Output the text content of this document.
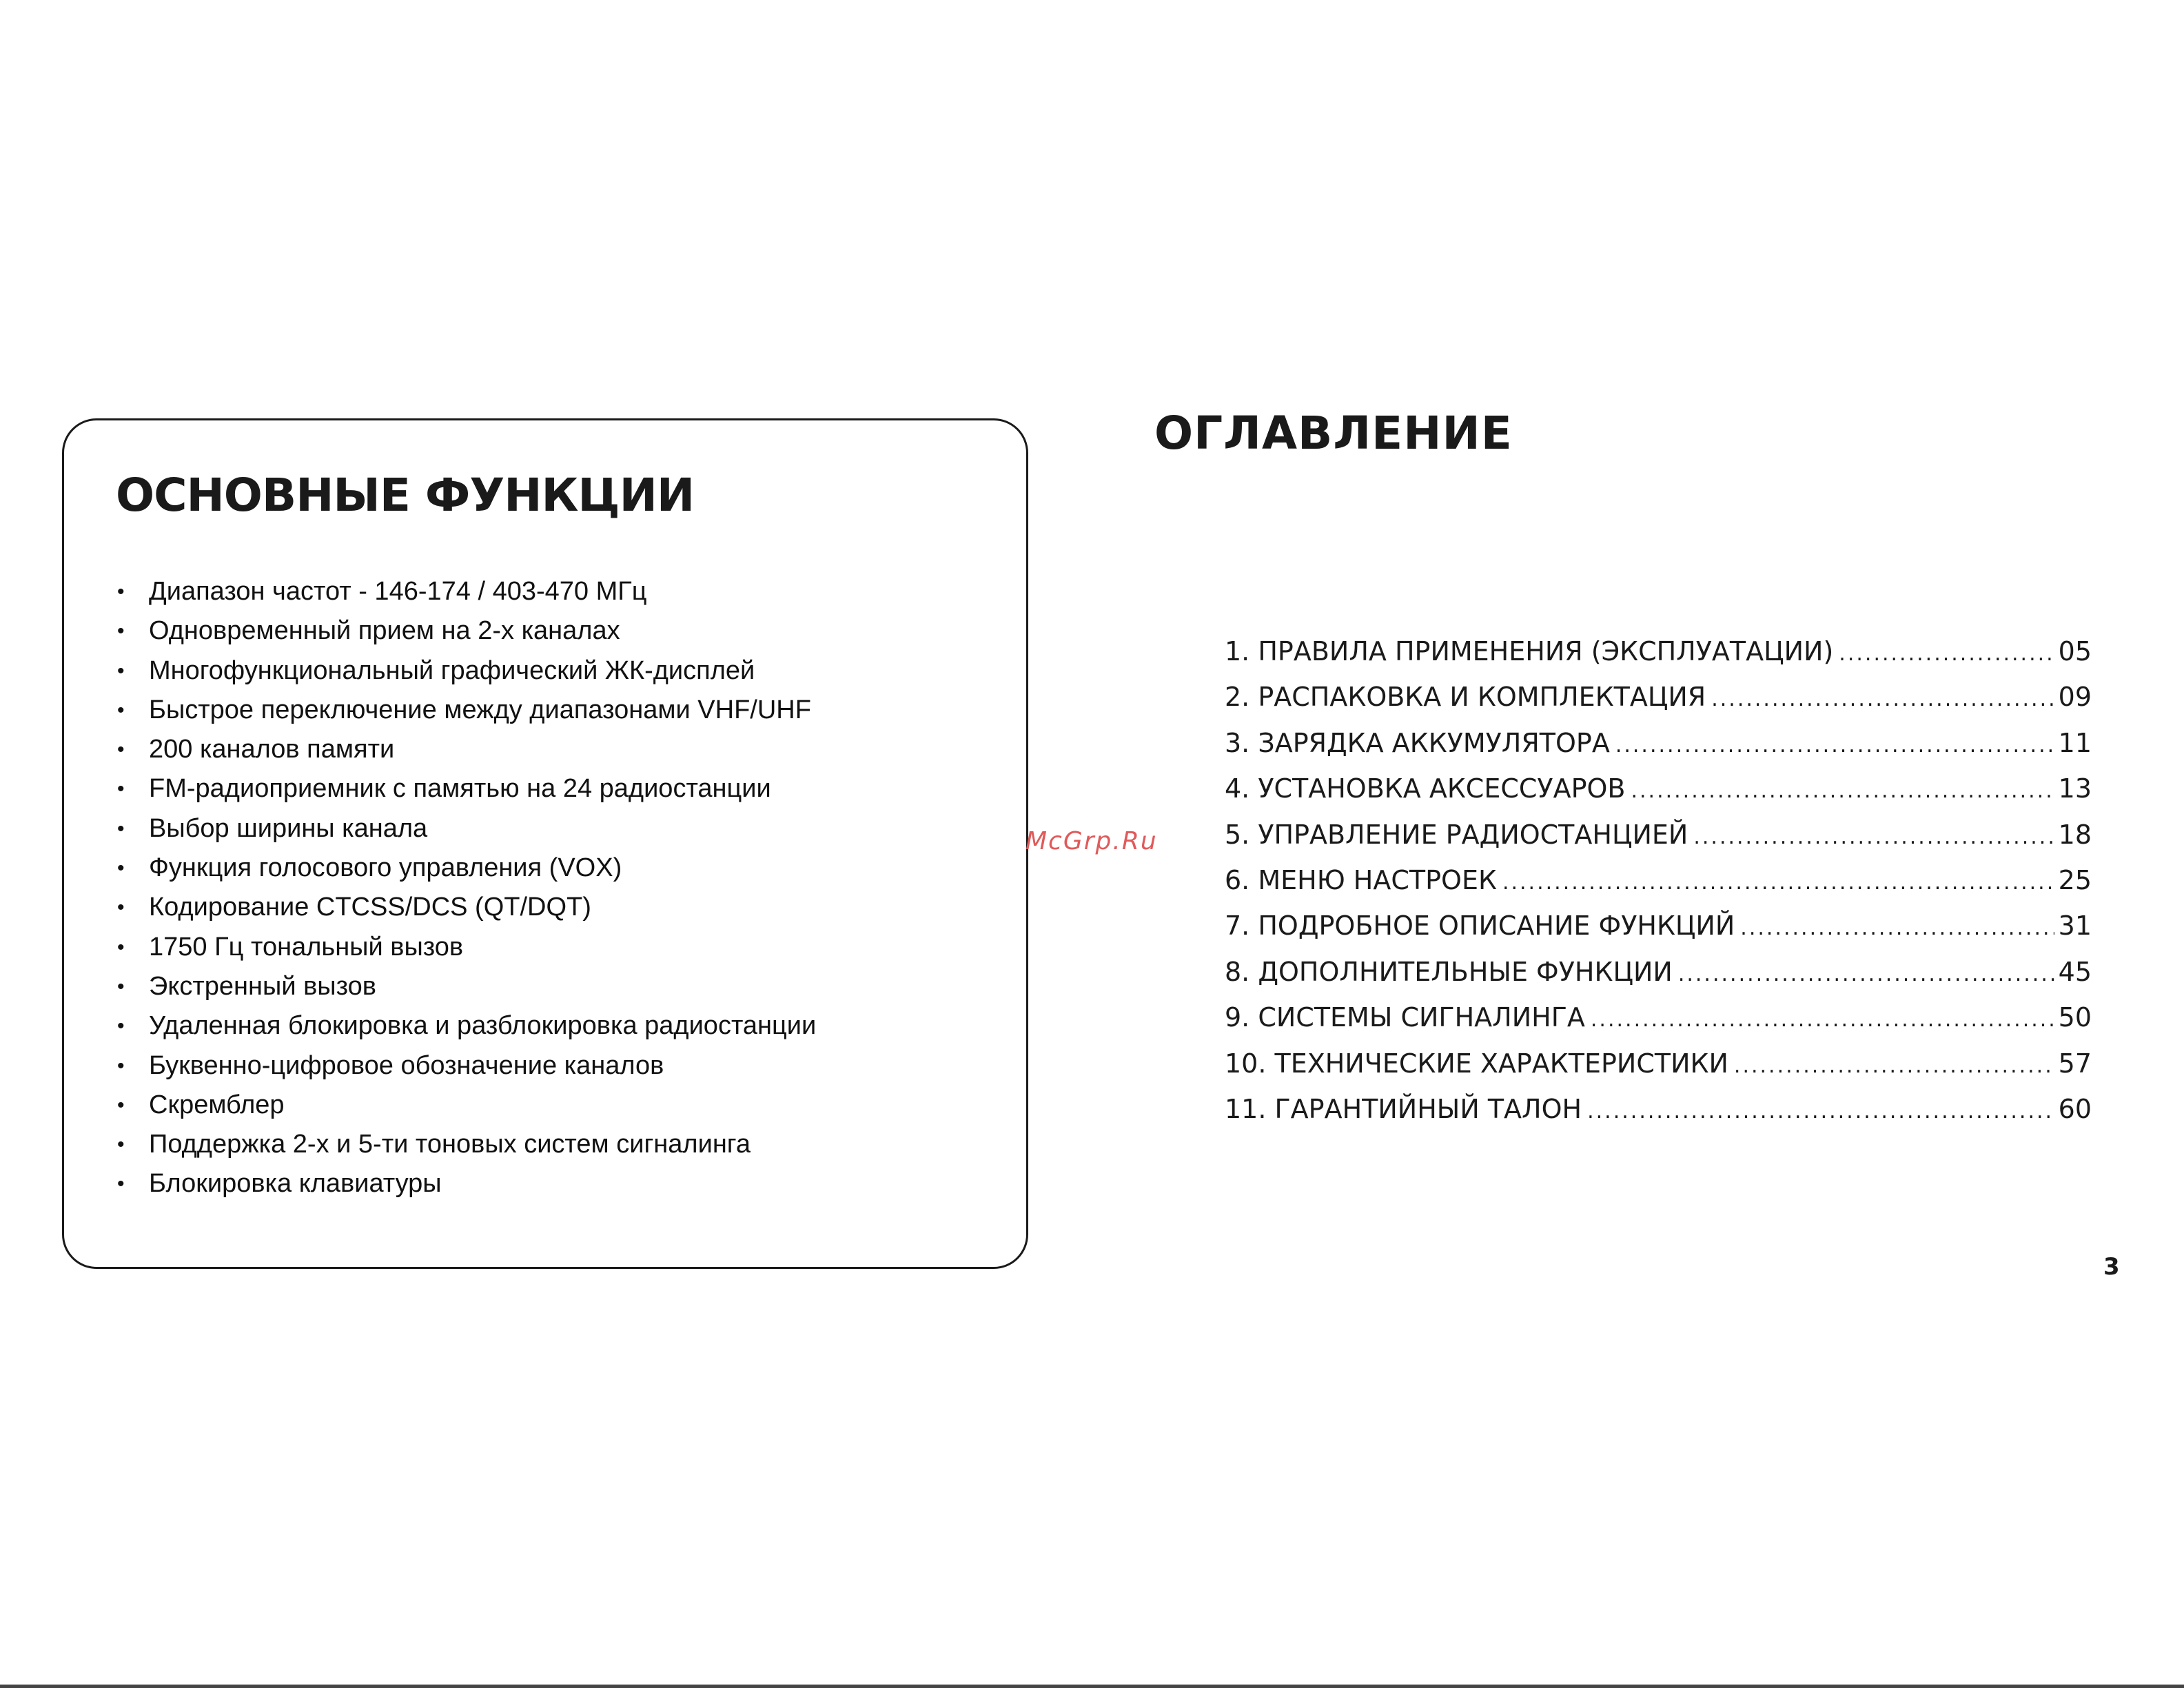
ОСНОВНЫЕ ФУНКЦИИ
• Диапазон частот - 146-174 / 403-470 МГц
• Одновременный прием на 2-х каналах
• Многофункциональный графический ЖК-дисплей
• Быстрое переключение между диапазонами VHF/UHF
• 200 каналов памяти
• FM-радиоприемник с памятью на 24 радиостанции
• Выбор ширины канала
• Функция голосового управления (VOX)
• Кодирование CTCSS/DCS (QT/DQT)
• 1750 Гц тональный вызов
• Экстренный вызов
• Удаленная блокировка и разблокировка радиостанции
• Буквенно-цифровое обозначение каналов
• Скремблер
• Поддержка 2-х и 5-ти тоновых систем сигналинга
• Блокировка клавиатуры
ОГЛАВЛЕНИЕ
1. ПРАВИЛА ПРИМЕНЕНИЯ (ЭКСПЛУАТАЦИИ) .....	05
2. РАСПАКОВКА И КОМПЛЕКТАЦИЯ .....	09
3. ЗАРЯДКА АККУМУЛЯТОРА .....	11
4. УСТАНОВКА АКСЕССУАРОВ .....	13
5. УПРАВЛЕНИЕ РАДИОСТАНЦИЕЙ .....	18
6. МЕНЮ НАСТРОЕК .....	25
7. ПОДРОБНОЕ ОПИСАНИЕ ФУНКЦИЙ .....	31
8. ДОПОЛНИТЕЛЬНЫЕ ФУНКЦИИ .....	45
9. СИСТЕМЫ СИГНАЛИНГА .....	50
10. ТЕХНИЧЕСКИЕ ХАРАКТЕРИСТИКИ .....	57
11. ГАРАНТИЙНЫЙ ТАЛОН .....	60
McGrp.Ru
3
